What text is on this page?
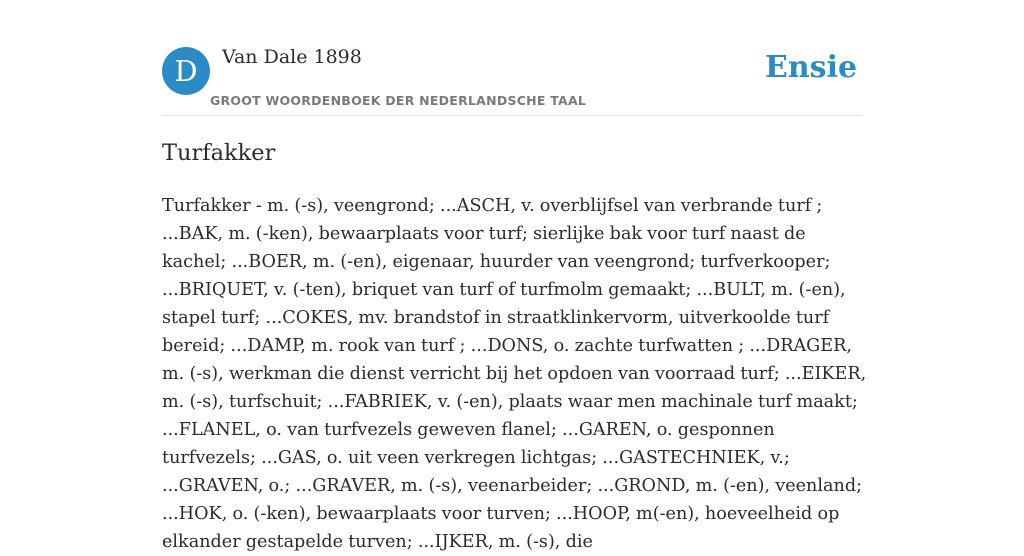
D Van Dale 1898
GROOT WOORDENBOEK DER NEDERLANDSCHE TAAL
Ensie
Turfakker

Turfakker - m. (-s), veengrond; ...ASCH, v. overblijfsel van verbrande turf ; ...BAK, m. (-ken), bewaarplaats voor turf; sierlijke bak voor turf naast de kachel; ...BOER, m. (-en), eigenaar, huurder van veengrond; turfverkooper; ...BRIQUET, v. (-ten), briquet van turf of turfmolm gemaakt; ...BULT, m. (-en), stapel turf; ...COKES, mv. brandstof in straatklinkervorm, uitverkoolde turf bereid; ...DAMP, m. rook van turf ; ...DONS, o. zachte turfwatten ; ...DRAGER, m. (-s), werkman die dienst verricht bij het opdoen van voorraad turf; ...EIKER, m. (-s), turfschuit; ...FABRIEK, v. (-en), plaats waar men machinale turf maakt; ...FLANEL, o. van turfvezels geweven flanel; ...GAREN, o. gesponnen turfvezels; ...GAS, o. uit veen verkregen lichtgas; ...GASTECHNIEK, v.; ...GRAVEN, o.; ...GRAVER, m. (-s), veenarbeider; ...GROND, m. (-en), veenland; ...HOK, o. (-ken), bewaarplaats voor turven; ...HOOP, m(-en), hoeveelheid op elkander gestapelde turven; ...IJKER, m. (-s), die
